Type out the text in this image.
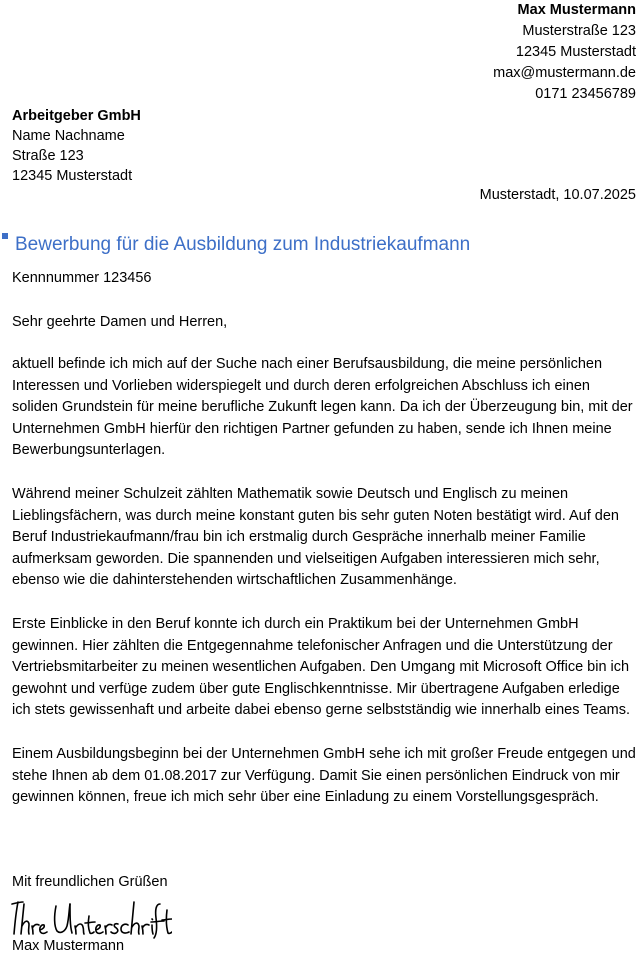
Max Mustermann
Musterstraße 123
12345 Musterstadt
max@mustermann.de
0171 23456789
Arbeitgeber GmbH
Name Nachname
Straße 123
12345 Musterstadt
Musterstadt, 10.07.2025
Bewerbung für die Ausbildung zum Industriekaufmann
Kennnummer 123456
Sehr geehrte Damen und Herren,

aktuell befinde ich mich auf der Suche nach einer Berufsausbildung, die meine persönlichen Interessen und Vorlieben widerspiegelt und durch deren erfolgreichen Abschluss ich einen soliden Grundstein für meine berufliche Zukunft legen kann. Da ich der Überzeugung bin, mit der Unternehmen GmbH hierfür den richtigen Partner gefunden zu haben, sende ich Ihnen meine Bewerbungsunterlagen.

Während meiner Schulzeit zählten Mathematik sowie Deutsch und Englisch zu meinen Lieblingsfächern, was durch meine konstant guten bis sehr guten Noten bestätigt wird. Auf den Beruf Industriekaufmann/frau bin ich erstmalig durch Gespräche innerhalb meiner Familie aufmerksam geworden. Die spannenden und vielseitigen Aufgaben interessieren mich sehr, ebenso wie die dahinterstehenden wirtschaftlichen Zusammenhänge.

Erste Einblicke in den Beruf konnte ich durch ein Praktikum bei der Unternehmen GmbH gewinnen. Hier zählten die Entgegennahme telefonischer Anfragen und die Unterstützung der Vertriebsmitarbeiter zu meinen wesentlichen Aufgaben. Den Umgang mit Microsoft Office bin ich gewohnt und verfüge zudem über gute Englischkenntnisse. Mir übertragene Aufgaben erledige ich stets gewissenhaft und arbeite dabei ebenso gerne selbstständig wie innerhalb eines Teams.

Einem Ausbildungsbeginn bei der Unternehmen GmbH sehe ich mit großer Freude entgegen und stehe Ihnen ab dem 01.08.2017 zur Verfügung. Damit Sie einen persönlichen Eindruck von mir gewinnen können, freue ich mich sehr über eine Einladung zu einem Vorstellungsgespräch.

Mit freundlichen Grüßen
Max Mustermann
